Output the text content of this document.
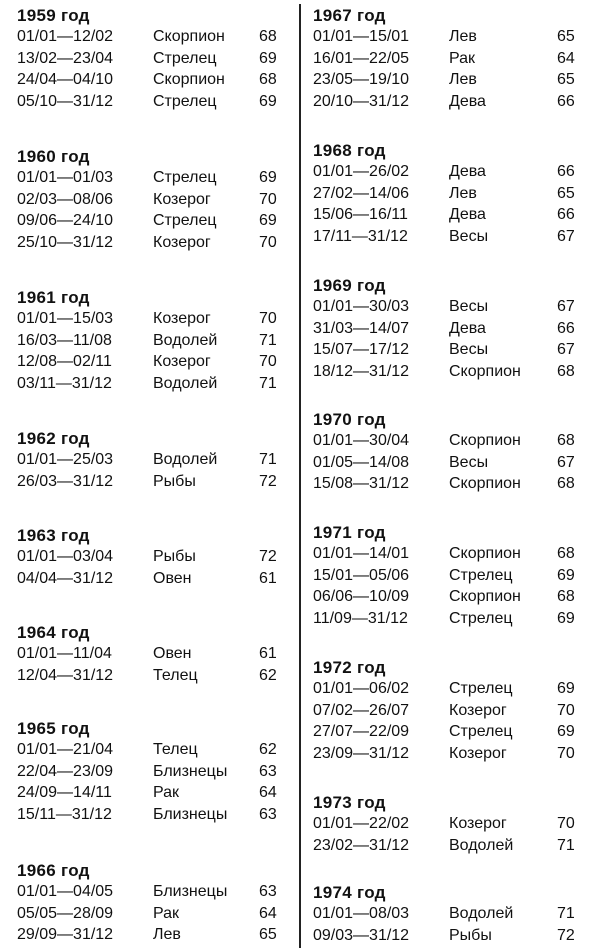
1959 год
01/01—12/02 Скорпион 68
13/02—23/04 Стрелец	69
24/04—04/10 Скорпион 68
05/10—31/12 Стрелец	69
1960 год
01/01—01/03 Стрелец	69
02/03—08/06 Козерог	70
09/06—24/10 Стрелец	69
25/10—31/12 Козерог	70
1961 год
01/01—15/03 Козерог	70
16/03—11/08	Водолей	71
12/08—02/11	Козерог	70
03/11—31/12	Водолей	71
1962 год
01/01—25/03 Водолей	71
26/03—31/12 Рыбы	72
1963 год
01/01—03/04 Рыбы	72
04/04—31/12 Овен	61
1964 год
01/01—11/04	Овен	61
12/04—31/12 Телец	62
1965 год
01/01—21/04 Телец	62
22/04—23/09 Близнецы 63
24/09—14/11	Рак	64
15/11—31/12	Близнецы 63
1966 год
01/01—04/05 Близнецы 63
05/05—28/09 Рак	64
29/09—31/12 Лев	65
1967 год
01/01—15/01 Лев	65
16/01—22/05 Рак	64
23/05—19/10 Лев	65
20/10—31/12 Дева	66
1968 год
01/01—26/02 Дева	66
27/02—14/06 Лев	65
15/06—16/11	Дева	66
17/11—31/12	Весы	67
1969 год
01/01—30/03 Весы	67
31/03—14/07 Дева	66
15/07—17/12 Весы	67
18/12—31/12 Скорпион 68
1970 год
01/01—30/04 Скорпион 68
01/05—14/08 Весы	67
15/08—31/12 Скорпион 68
1971 год
01/01—14/01 Скорпион 68
15/01—05/06 Стрелец	69
06/06—10/09 Скорпион 68
11/09—31/12	Стрелец	69
1972 год
01/01—06/02 Стрелец	69
07/02—26/07 Козерог	70
27/07—22/09 Стрелец	69
23/09—31/12 Козерог	70
1973 год
01/01—22/02 Козерог	70
23/02—31/12 Водолей	71
1974 год
01/01—08/03 Водолей	71
09/03—31/12 Рыбы	72
